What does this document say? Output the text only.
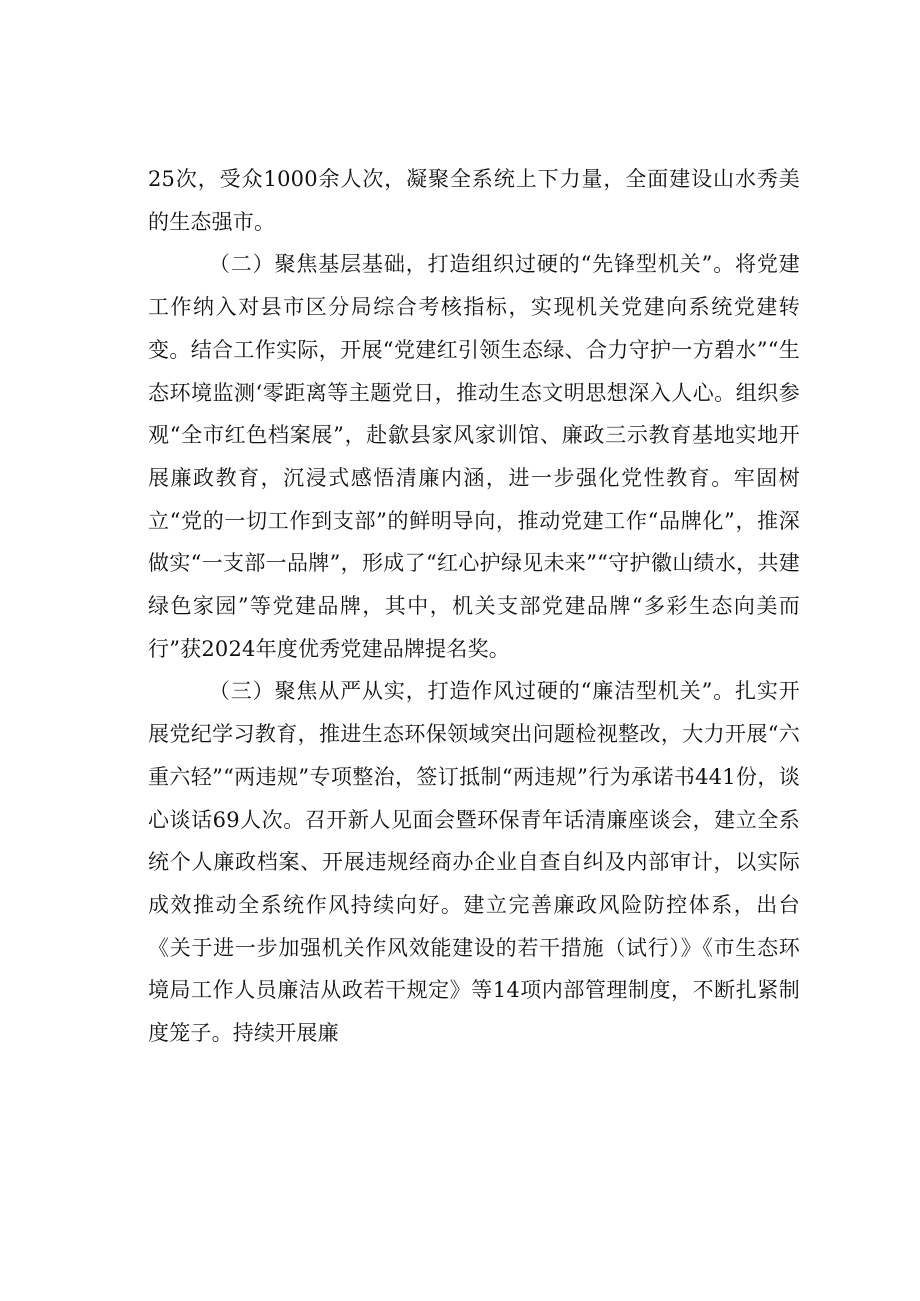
25次，受众1000余人次，凝聚全系统上下力量，全面建设山水秀美的生态强市。

（二）聚焦基层基础，打造组织过硬的“先锋型机关”。将党建工作纳入对县市区分局综合考核指标，实现机关党建向系统党建转变。结合工作实际，开展“党建红引领生态绿、合力守护一方碧水”“生态环境监测‘零距离等主题党日，推动生态文明思想深入人心。组织参观“全市红色档案展”，赴歙县家风家训馆、廉政三示教育基地实地开展廉政教育，沉浸式感悟清廉内涵，进一步强化党性教育。牢固树立“党的一切工作到支部”的鲜明导向，推动党建工作“品牌化”，推深做实“一支部一品牌”，形成了“红心护绿见未来”“守护徽山绩水，共建绿色家园”等党建品牌，其中，机关支部党建品牌“多彩生态向美而行”获2024年度优秀党建品牌提名奖。

（三）聚焦从严从实，打造作风过硬的“廉洁型机关”。扎实开展党纪学习教育，推进生态环保领域突出问题检视整改，大力开展“六重六轻”“两违规”专项整治，签订抵制“两违规”行为承诺书441份，谈心谈话69人次。召开新人见面会暨环保青年话清廉座谈会，建立全系统个人廉政档案、开展违规经商办企业自查自纠及内部审计，以实际成效推动全系统作风持续向好。建立完善廉政风险防控体系，出台《关于进一步加强机关作风效能建设的若干措施（试行）》《市生态环境局工作人员廉洁从政若干规定》等14项内部管理制度，不断扎紧制度笼子。持续开展廉
